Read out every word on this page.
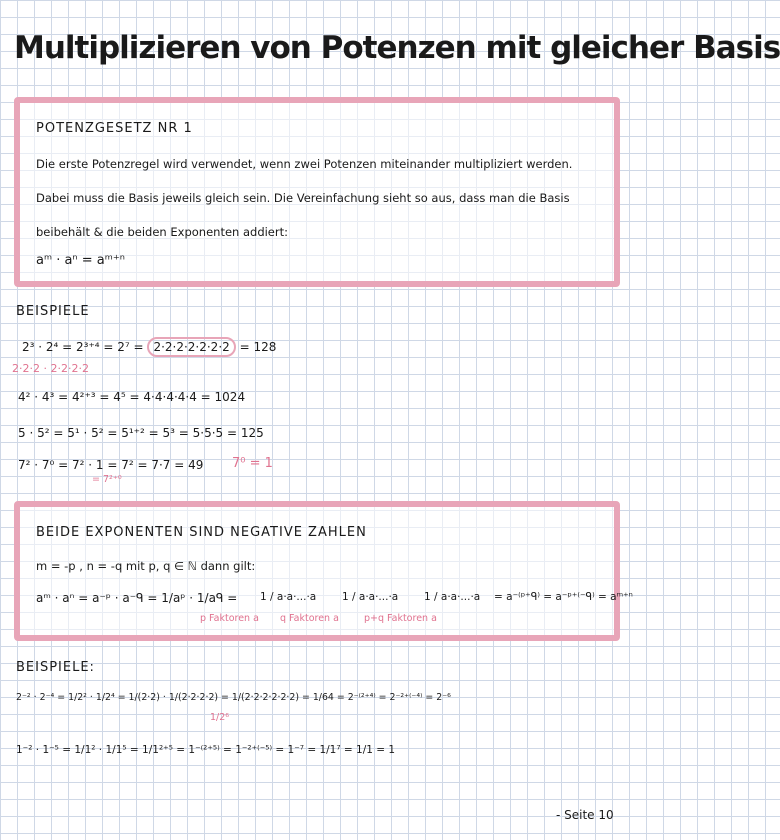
Multiplizieren von Potenzen mit gleicher Basis
POTENZGESETZ NR 1
Die erste Potenzregel wird verwendet, wenn zwei Potenzen miteinander multipliziert werden.
Dabei muss die Basis jeweils gleich sein. Die Vereinfachung sieht so aus, dass man die Basis
beibehält & die beiden Exponenten addiert:
aᵐ · aⁿ = aᵐ⁺ⁿ
BEISPIELE
2³ · 2⁴ = 2³⁺⁴ = 2⁷ = 2·2·2·2·2·2·2 = 128
2·2·2 · 2·2·2·2
4² · 4³ = 4²⁺³ = 4⁵ = 4·4·4·4·4 = 1024
5 · 5² = 5¹ · 5² = 5¹⁺² = 5³ = 5·5·5 = 125
7² · 7⁰ = 7² · 1 = 7² = 7·7 = 49
= 7²⁺⁰
7⁰ = 1
BEIDE EXPONENTEN SIND NEGATIVE ZAHLEN
m = -p , n = -q mit p, q ∈ ℕ dann gilt:
aᵐ · aⁿ = a⁻ᵖ · a⁻ᑫ = 1/aᵖ · 1/aᑫ = 1 / a·a·...·a 1 / a·a·...·a 1 / a·a·...·a = a⁻⁽ᵖ⁺ᑫ⁾ = a⁻ᵖ⁺⁽⁻ᑫ⁾ = aᵐ⁺ⁿ
p Faktoren a q Faktoren a	p+q Faktoren a
BEISPIELE:
2⁻² · 2⁻⁴ = 1/2² · 1/2⁴ = 1/(2·2) · 1/(2·2·2·2) = 1/(2·2·2·2·2·2) = 1/64 = 2⁻⁽²⁺⁴⁾ = 2⁻²⁺⁽⁻⁴⁾ = 2⁻⁶
1/2⁶
1⁻² · 1⁻⁵ = 1/1² · 1/1⁵ = 1/1²⁺⁵ = 1⁻⁽²⁺⁵⁾ = 1⁻²⁺⁽⁻⁵⁾ = 1⁻⁷ = 1/1⁷ = 1/1 = 1
- Seite 10
